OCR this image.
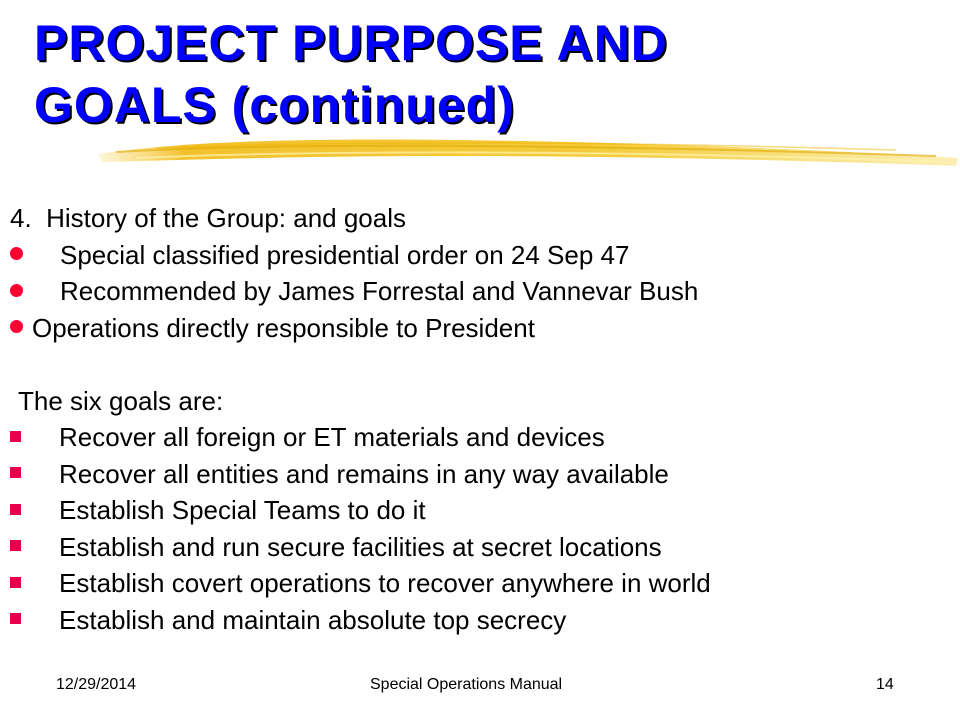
PROJECT PURPOSE AND
GOALS (continued)
4.  History of the Group: and goals
Special classified presidential order on 24 Sep 47
Recommended by James Forrestal and Vannevar Bush
Operations directly responsible to President
The six goals are:
Recover all foreign or ET materials and devices
Recover all entities and remains in any way available
Establish Special Teams to do it
Establish and run secure facilities at secret locations
Establish covert operations to recover anywhere in world
Establish and maintain absolute top secrecy
12/29/2014	Special Operations Manual	14
